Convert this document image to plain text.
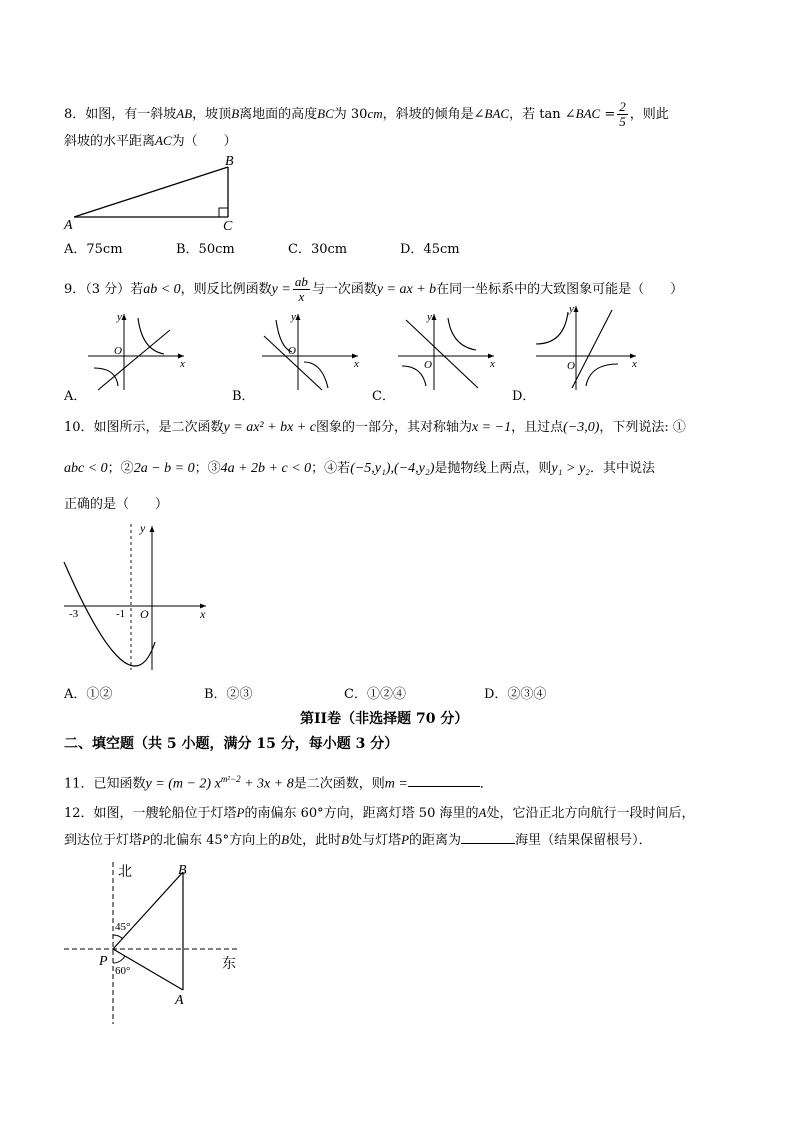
8．如图，有一斜坡AB，坡顶B离地面的高度BC为 30cm，斜坡的倾角是∠BAC，若 tan ∠BAC = $\frac{2}{5}$ ，则此
斜坡的水平距离AC为（　　）
A
B
C
A．75cm	B．50cm	C．30cm	D．45cm
9．（3 分）若ab < 0，则反比例函数$y = \frac{ab}{x}$ 与一次函数y = ax + b在同一坐标系中的大致图象可能是（　　）
y
x
O
y
x
O
y
x
O
y
x
O
A．	B．	C．	D．
10．如图所示，是二次函数y = ax² + bx + c图象的一部分，其对称轴为x = −1，且过点(−3,0)，下列说法: ①
abc < 0；②2a − b = 0；③4a + 2b + c < 0；④若(−5,y₁),(−4,y₂)是抛物线上两点，则y₁ > y₂．其中说法
正确的是（　　）
y
x
O
-3	-1
A．①②	B．②③	C．①②④	D．②③④
第II卷（非选择题 70 分）
二、填空题（共 5 小题，满分 15 分，每小题 3 分）
11．已知函数y = (m − 2) $x^{m^2-2} + 3x + 8$是二次函数，则m =	．
12．如图，一艘轮船位于灯塔P的南偏东 60°方向，距离灯塔 50 海里的A处，它沿正北方向航行一段时间后，
到达位于灯塔P的北偏东 45°方向上的B处，此时B处与灯塔P的距离为	海里（结果保留根号）．
北
东
P
A
B
45°
60°
